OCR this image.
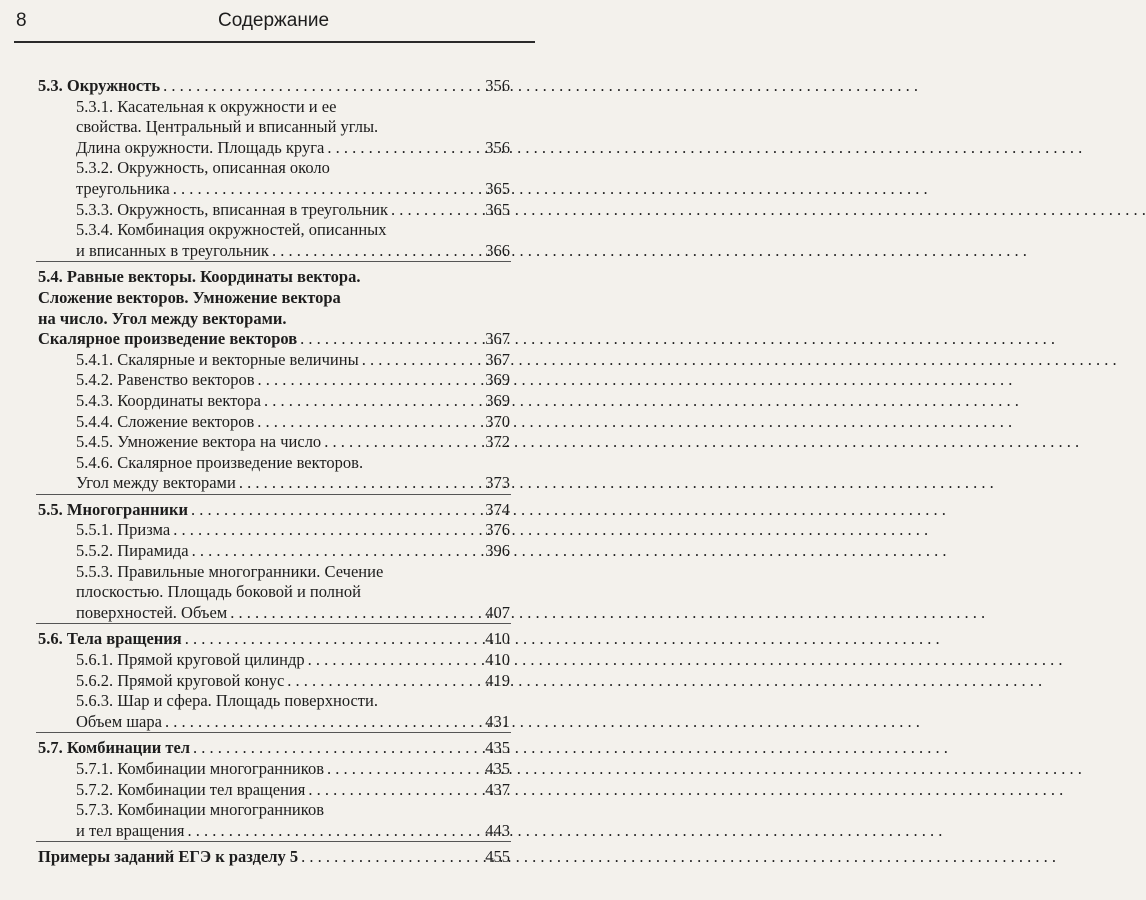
8	Содержание
5.3. Окружность . . .	356
5.3.1. Касательная к окружности и ее
свойства. Центральный и вписанный углы.
Длина окружности. Площадь круга . . .	356
5.3.2. Окружность, описанная около
треугольника . . .	365
5.3.3. Окружность, вписанная в треугольник . . .	365
5.3.4. Комбинация окружностей, описанных
и вписанных в треугольник . . .	366
5.4. Равные векторы. Координаты вектора.
Сложение векторов. Умножение вектора
на число. Угол между векторами.
Скалярное произведение векторов . . .	367
5.4.1. Скалярные и векторные величины . . .	367
5.4.2. Равенство векторов . . .	369
5.4.3. Координаты вектора . . .	369
5.4.4. Сложение векторов . . .	370
5.4.5. Умножение вектора на число . . .	372
5.4.6. Скалярное произведение векторов.
Угол между векторами . . .	373
5.5. Многогранники . . .	374
5.5.1. Призма . . .	376
5.5.2. Пирамида . . .	396
5.5.3. Правильные многогранники. Сечение
плоскостью. Площадь боковой и полной
поверхностей. Объем . . .	407
5.6. Тела вращения . . .	410
5.6.1. Прямой круговой цилиндр . . .	410
5.6.2. Прямой круговой конус . . .	419
5.6.3. Шар и сфера. Площадь поверхности.
Объем шара . . .	431
5.7. Комбинации тел . . .	435
5.7.1. Комбинации многогранников . . .	435
5.7.2. Комбинации тел вращения . . .	437
5.7.3. Комбинации многогранников
и тел вращения . . .	443
Примеры заданий ЕГЭ к разделу 5 . . .	455
